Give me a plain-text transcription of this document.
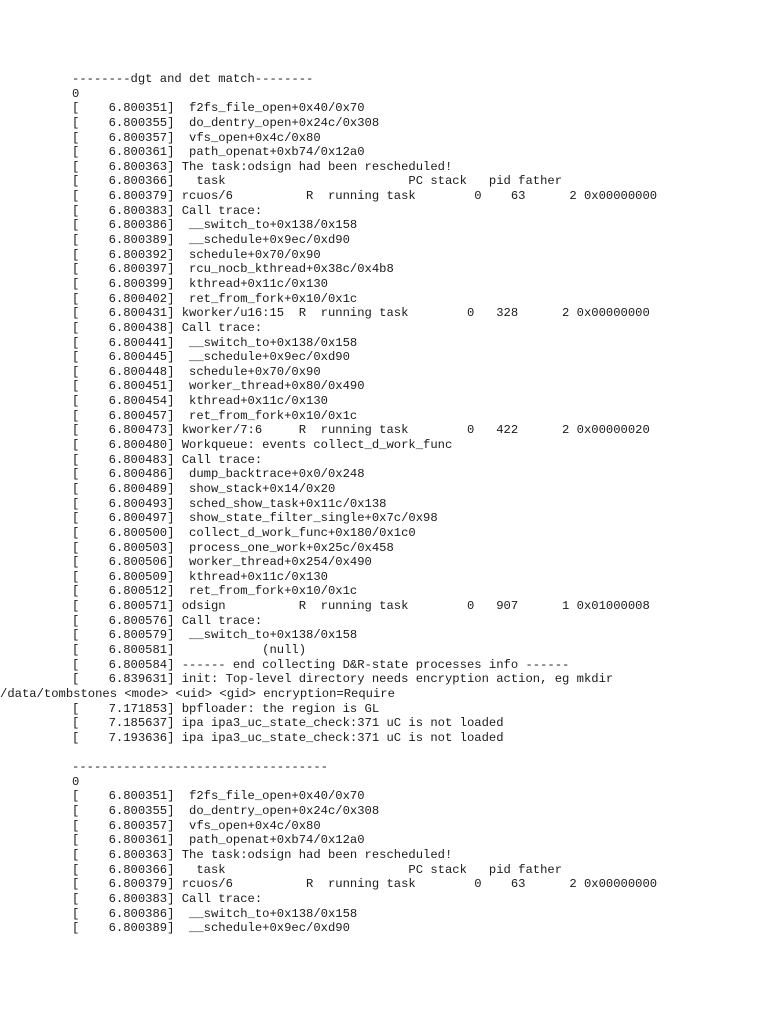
--------dgt and det match--------
0
[    6.800351]  f2fs_file_open+0x40/0x70
[    6.800355]  do_dentry_open+0x24c/0x308
[    6.800357]  vfs_open+0x4c/0x80
[    6.800361]  path_openat+0xb74/0x12a0
[    6.800363] The task:odsign had been rescheduled!
[    6.800366]   task                         PC stack   pid father
[    6.800379] rcuos/6          R  running task        0    63      2 0x00000000
[    6.800383] Call trace:
[    6.800386]  __switch_to+0x138/0x158
[    6.800389]  __schedule+0x9ec/0xd90
[    6.800392]  schedule+0x70/0x90
[    6.800397]  rcu_nocb_kthread+0x38c/0x4b8
[    6.800399]  kthread+0x11c/0x130
[    6.800402]  ret_from_fork+0x10/0x1c
[    6.800431] kworker/u16:15  R  running task        0   328      2 0x00000000
[    6.800438] Call trace:
[    6.800441]  __switch_to+0x138/0x158
[    6.800445]  __schedule+0x9ec/0xd90
[    6.800448]  schedule+0x70/0x90
[    6.800451]  worker_thread+0x80/0x490
[    6.800454]  kthread+0x11c/0x130
[    6.800457]  ret_from_fork+0x10/0x1c
[    6.800473] kworker/7:6     R  running task        0   422      2 0x00000020
[    6.800480] Workqueue: events collect_d_work_func
[    6.800483] Call trace:
[    6.800486]  dump_backtrace+0x0/0x248
[    6.800489]  show_stack+0x14/0x20
[    6.800493]  sched_show_task+0x11c/0x138
[    6.800497]  show_state_filter_single+0x7c/0x98
[    6.800500]  collect_d_work_func+0x180/0x1c0
[    6.800503]  process_one_work+0x25c/0x458
[    6.800506]  worker_thread+0x254/0x490
[    6.800509]  kthread+0x11c/0x130
[    6.800512]  ret_from_fork+0x10/0x1c
[    6.800571] odsign          R  running task        0   907      1 0x01000008
[    6.800576] Call trace:
[    6.800579]  __switch_to+0x138/0x158
[    6.800581]            (null)
[    6.800584] ------ end collecting D&R-state processes info ------
[    6.839631] init: Top-level directory needs encryption action, eg mkdir
/data/tombstones <mode> <uid> <gid> encryption=Require
[    7.171853] bpfloader: the region is GL
[    7.185637] ipa ipa3_uc_state_check:371 uC is not loaded
[    7.193636] ipa ipa3_uc_state_check:371 uC is not loaded
-----------------------------------
0
[    6.800351]  f2fs_file_open+0x40/0x70
[    6.800355]  do_dentry_open+0x24c/0x308
[    6.800357]  vfs_open+0x4c/0x80
[    6.800361]  path_openat+0xb74/0x12a0
[    6.800363] The task:odsign had been rescheduled!
[    6.800366]   task                         PC stack   pid father
[    6.800379] rcuos/6          R  running task        0    63      2 0x00000000
[    6.800383] Call trace:
[    6.800386]  __switch_to+0x138/0x158
[    6.800389]  __schedule+0x9ec/0xd90
